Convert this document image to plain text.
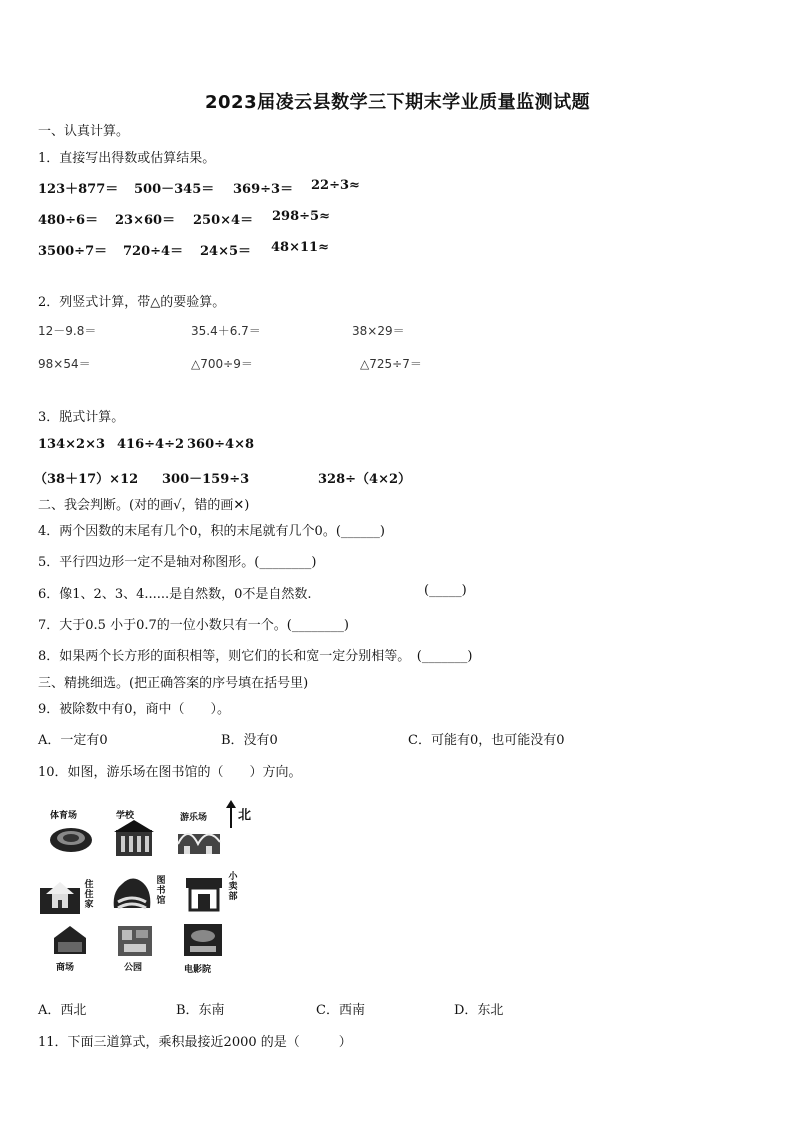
2023届凌云县数学三下期末学业质量监测试题
一、认真计算。
1．直接写出得数或估算结果。
123＋877＝ 500－345＝ 369÷3＝ 22÷3≈
480÷6＝ 23×60＝ 250×4＝ 298÷5≈
3500÷7＝ 720÷4＝ 24×5＝ 48×11≈
2．列竖式计算，带△的要验算。
12－9.8＝	35.4＋6.7＝	38×29＝
98×54＝	△700÷9＝	△725÷7＝
3．脱式计算。
134×2×3 416÷4÷2 360÷4×8
（38＋17）×12 300－159÷3	328÷（4×2）
二、我会判断。(对的画√，错的画✕)
4．两个因数的末尾有几个0，积的末尾就有几个0。(______)
5．平行四边形一定不是轴对称图形。(________)
6．像1、2、3、4......是自然数，0不是自然数.	(_____)
7．大于0.5 小于0.7的一位小数只有一个。(________)
8．如果两个长方形的面积相等，则它们的长和宽一定分别相等。　(_______)
三、精挑细选。(把正确答案的序号填在括号里)
9．被除数中有0，商中（　　）。
A．一定有0	B．没有0	C．可能有0，也可能没有0
10．如图，游乐场在图书馆的（　　）方向。
北
体育场	学校	游乐场
住住家
图书馆
小卖部
商场	公园	电影院
A．西北	B．东南	C．西南	D．东北
11．下面三道算式，乘积最接近2000 的是（　　　）
